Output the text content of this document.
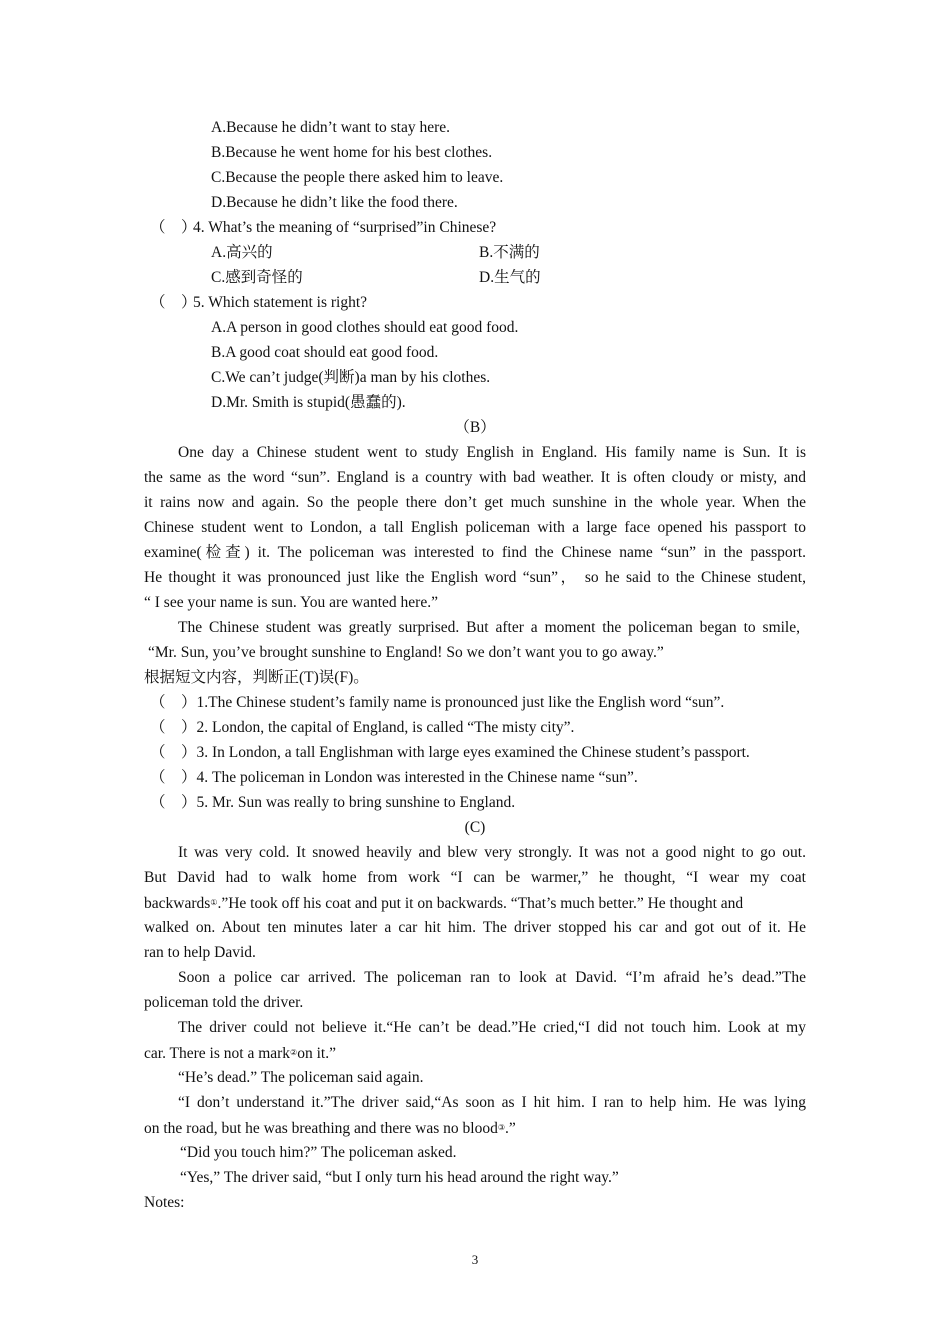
A.Because he didn’t want to stay here.
B.Because he went home for his best clothes.
C.Because the people there asked him to leave.
D.Because he didn’t like the food there.
（　）
4. What’s the meaning of “surprised”in Chinese?
A.高兴的	B.不满的
C.感到奇怪的	D.生气的
（　）
5. Which statement is right?
A.A person in good clothes should eat good food.
B.A good coat should eat good food.
C.We can’t judge(判断)a man by his clothes.
D.Mr. Smith is stupid(愚蠢的).
（B）
One day a Chinese student went to study English in England. His family name is Sun. It is
the same as the word “sun”. England is a country with bad weather. It is often cloudy or misty, and
it rains now and again. So the people there don’t get much sunshine in the whole year. When the
Chinese student went to London, a tall English policeman with a large face opened his passport to
examine(检查) it. The policeman was interested to find the Chinese name “sun” in the passport.
He thought it was pronounced just like the English word “sun”， so he said to the Chinese student,
“ I see your name is sun. You are wanted here.”
The Chinese student was greatly surprised. But after a moment the policeman began to smile,
“Mr. Sun, you’ve brought sunshine to England! So we don’t want you to go away.”
根据短文内容，判断正(T)误(F)。
（　）1.The Chinese student’s family name is pronounced just like the English word “sun”.
（　）2. London, the capital of England, is called “The misty city”.
（　）3. In London, a tall Englishman with large eyes examined the Chinese student’s passport.
（　）4. The policeman in London was interested in the Chinese name “sun”.
（　）5. Mr. Sun was really to bring sunshine to England.
(C)
It was very cold. It snowed heavily and blew very strongly. It was not a good night to go out.
But David had to walk home from work “I can be warmer,” he thought, “I wear my coat
backwards①.”He took off his coat and put it on backwards. “That’s much better.” He thought and
walked on. About ten minutes later a car hit him. The driver stopped his car and got out of it. He
ran to help David.
Soon a police car arrived. The policeman ran to look at David. “I’m afraid he’s dead.”The
policeman told the driver.
The driver could not believe it.“He can’t be dead.”He cried,“I did not touch him. Look at my
car. There is not a mark②on it.”
“He’s dead.” The policeman said again.
“I don’t understand it.”The driver said,“As soon as I hit him. I ran to help him. He was lying
on the road, but he was breathing and there was no blood③.”
“Did you touch him?” The policeman asked.
“Yes,” The driver said, “but I only turn his head around the right way.”
Notes:
3
